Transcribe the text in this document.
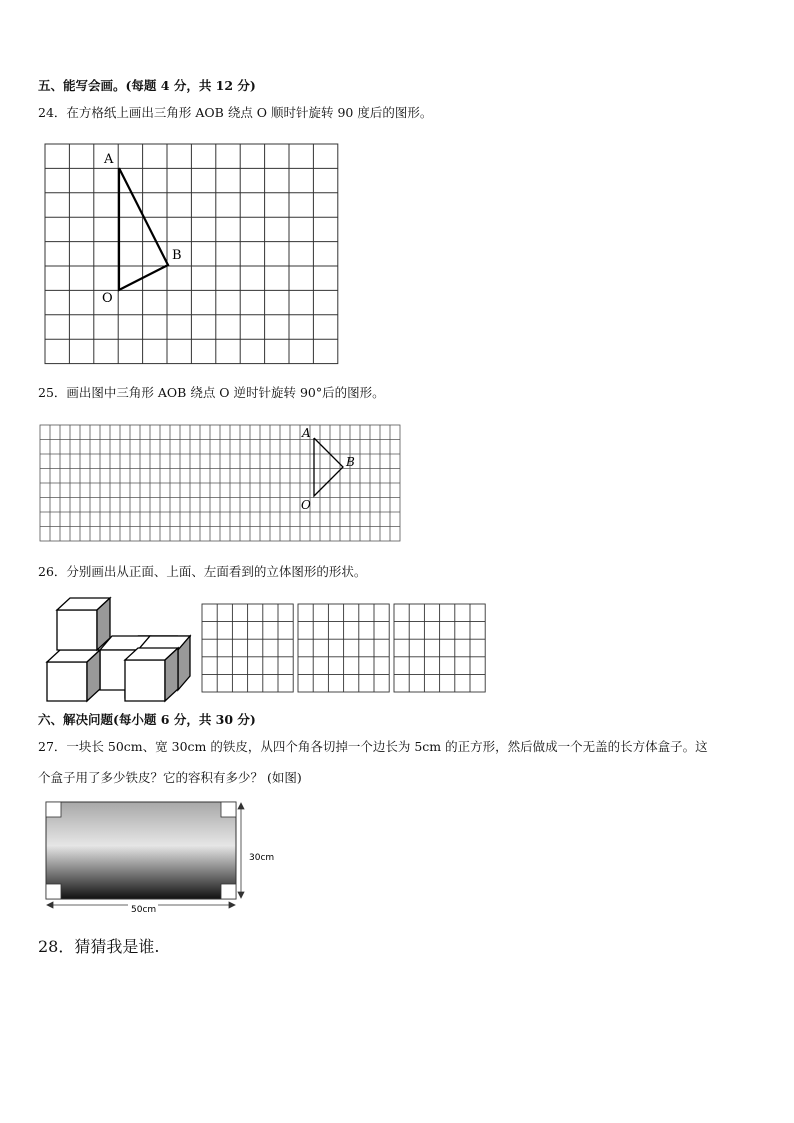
五、能写会画。(每题 4 分，共 12 分)
24．在方格纸上画出三角形 AOB 绕点 O 顺时针旋转 90 度后的图形。
A
B
O
A
B
O
50cm
30cm
25．画出图中三角形 AOB 绕点 O 逆时针旋转 90°后的图形。
26．分别画出从正面、上面、左面看到的立体图形的形状。
六、解决问题(每小题 6 分，共 30 分)
27．一块长 50cm、宽 30cm 的铁皮，从四个角各切掉一个边长为 5cm 的正方形，然后做成一个无盖的长方体盒子。这
个盒子用了多少铁皮？它的容积有多少？ (如图)
28．猜猜我是谁.
